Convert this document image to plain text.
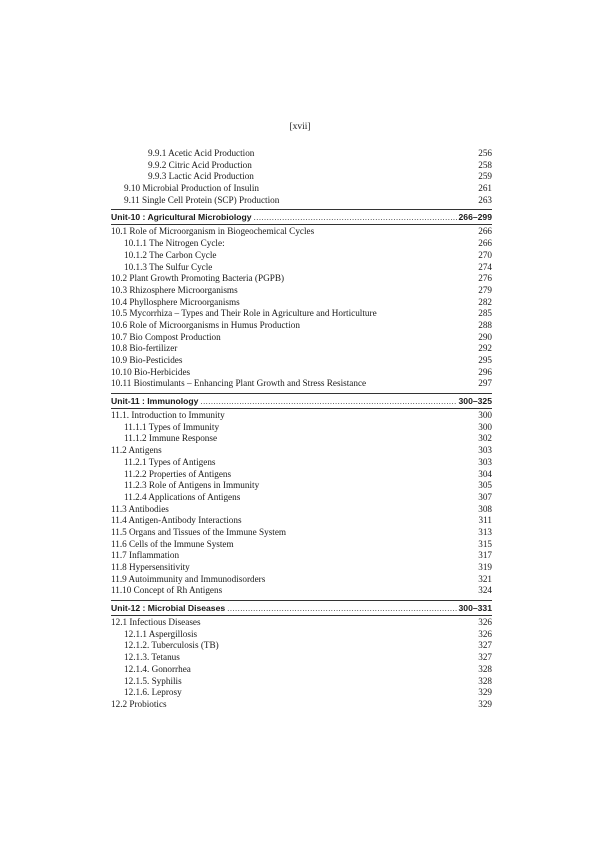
[xvii]
9.9.1 Acetic Acid Production	256
9.9.2 Citric Acid Production	258
9.9.3 Lactic Acid Production	259
9.10 Microbial Production of Insulin	261
9.11 Single Cell Protein (SCP) Production	263
Unit-10 : Agricultural Microbiology .....	266–299
10.1 Role of Microorganism in Biogeochemical Cycles	266
10.1.1 The Nitrogen Cycle:	266
10.1.2 The Carbon Cycle	270
10.1.3 The Sulfur Cycle	274
10.2 Plant Growth Promoting Bacteria (PGPB)	276
10.3 Rhizosphere Microorganisms	279
10.4 Phyllosphere Microorganisms	282
10.5 Mycorrhiza – Types and Their Role in Agriculture and Horticulture	285
10.6 Role of Microorganisms in Humus Production	288
10.7 Bio Compost Production	290
10.8 Bio-fertilizer	292
10.9 Bio-Pesticides	295
10.10 Bio-Herbicides	296
10.11 Biostimulants – Enhancing Plant Growth and Stress Resistance	297
Unit-11 : Immunology .....	300–325
11.1. Introduction to Immunity	300
11.1.1 Types of Immunity	300
11.1.2 Immune Response	302
11.2 Antigens	303
11.2.1 Types of Antigens	303
11.2.2 Properties of Antigens	304
11.2.3 Role of Antigens in Immunity	305
11.2.4 Applications of Antigens	307
11.3 Antibodies	308
11.4 Antigen-Antibody Interactions	311
11.5 Organs and Tissues of the Immune System	313
11.6 Cells of the Immune System	315
11.7 Inflammation	317
11.8 Hypersensitivity	319
11.9 Autoimmunity and Immunodisorders	321
11.10 Concept of Rh Antigens	324
Unit-12 : Microbial Diseases .....	300–331
12.1 Infectious Diseases	326
12.1.1 Aspergillosis	326
12.1.2. Tuberculosis (TB)	327
12.1.3. Tetanus	327
12.1.4. Gonorrhea	328
12.1.5. Syphilis	328
12.1.6. Leprosy	329
12.2 Probiotics	329
